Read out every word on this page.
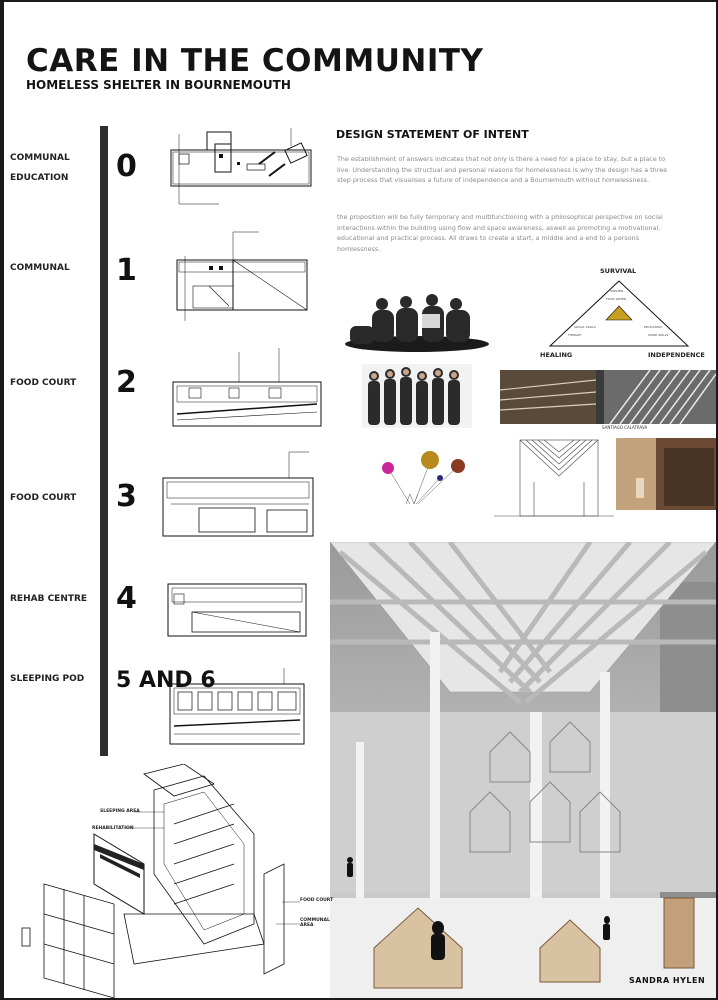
CARE IN THE COMMUNITY
HOMELESS SHELTER IN BOURNEMOUTH
COMMUNAL
EDUCATION 0
COMMUNAL 1
FOOD COURT 2
FOOD COURT 3
REHAB CENTRE 4
SLEEPING POD 5 AND 6
DESIGN STATEMENT OF INTENT
The establishment of answers indicates that not only is there a need for a place to stay, but a place to live. Understanding the structual and personal reasons for homelessness is why the design has a three step process that visualises a future of independence and a Bournemouth without homelessness.
the proposition will be fully temporary and multifunctioning with a philosophical perspective on social interactions within the building using flow and space awareness, aswell as promoting a motivational, educational and practical process. All draws to create a start, a middle and a end to a persons homlessness.
SURVIVAL
SHELTER
FOOD WATER
SOCIAL SKILLS
THERAPY
EDUCATION
WORK SKILLS
HEALING	INDEPENDENCE
SANTIAGO CALATRAVA
SANDRA HYLEN
SLEEPING AREA
REHABILITATION
FOOD COURT
COMMUNAL AREA
